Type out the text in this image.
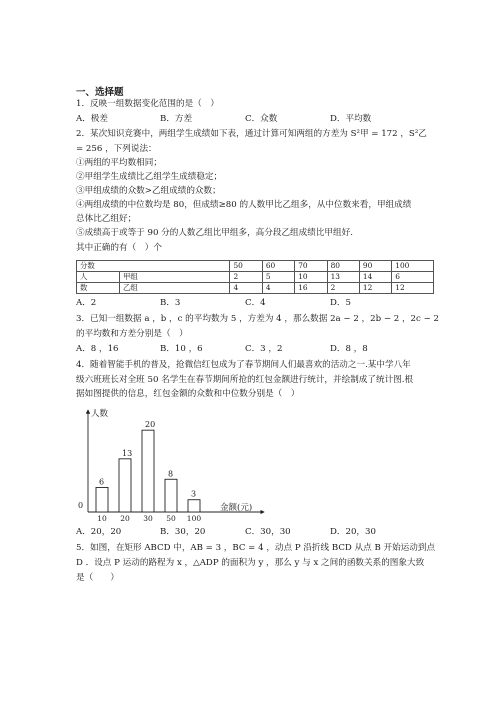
一、选择题
1．反映一组数据变化范围的是（　）
A．极差	B．方差	C．众数	D．平均数
2．某次知识竞赛中，两组学生成绩如下表，通过计算可知两组的方差为 S²甲 = 172 ，S²乙
= 256 ，下列说法：
①两组的平均数相同；
②甲组学生成绩比乙组学生成绩稳定；
③甲组成绩的众数>乙组成绩的众数；
④两组成绩的中位数均是 80，但成绩≥80 的人数甲比乙组多，从中位数来看，甲组成绩
总体比乙组好；
⑤成绩高于或等于 90 分的人数乙组比甲组多，高分段乙组成绩比甲组好.
其中正确的有（　）个
分数		50	60	70	80	90	100
人	甲组	2	5	10	13	14	6
数	乙组	4	4	16	2	12	12
A．2	B．3	C．4	D．5
3．已知一组数据 a ，b ，c 的平均数为 5 ，方差为 4 ，那么数据 2a − 2 ，2b − 2 ，2c − 2
的平均数和方差分别是（　）
A．8 ，16	B．10 ，6	C．3 ，2	D．8 ，8
4．随着智能手机的普及，抢微信红包成为了春节期间人们最喜欢的活动之一.某中学八年
级六班班长对全班 50 名学生在春节期间所抢的红包金额进行统计，并绘制成了统计图.根
据如图提供的信息，红包金额的众数和中位数分别是（　）
人数
金额(元)
0
6
10
13
20
20
30
8
50
3
100
A．20，20	B．30，20	C．30，30	D．20，30
5．如图，在矩形 ABCD 中，AB = 3 ，BC = 4 ，动点 P 沿折线 BCD 从点 B 开始运动到点
D ．设点 P 运动的路程为 x ，△ADP 的面积为 y ，那么 y 与 x 之间的函数关系的图象大致
是（　　）
